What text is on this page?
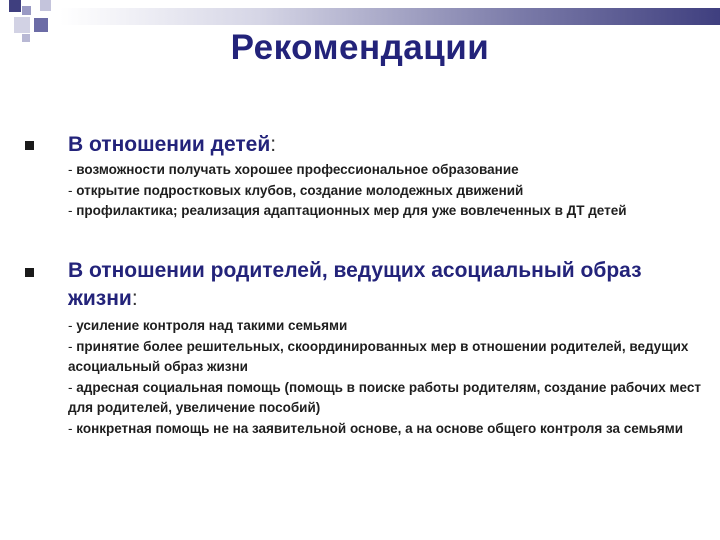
Рекомендации

В отношении детей:

- возможности получать хорошее профессиональное образование
- открытие подростковых клубов, создание молодежных движений
- профилактика; реализация адаптационных мер для уже вовлеченных в ДТ детей

В отношении родителей, ведущих асоциальный образ жизни:

- усиление контроля над такими семьями
- принятие более решительных, скоординированных мер в отношении родителей, ведущих асоциальный образ жизни
- адресная социальная помощь (помощь в поиске работы родителям, создание рабочих мест для родителей, увеличение пособий)
- конкретная помощь не на заявительной основе, а на основе общего контроля за семьями
